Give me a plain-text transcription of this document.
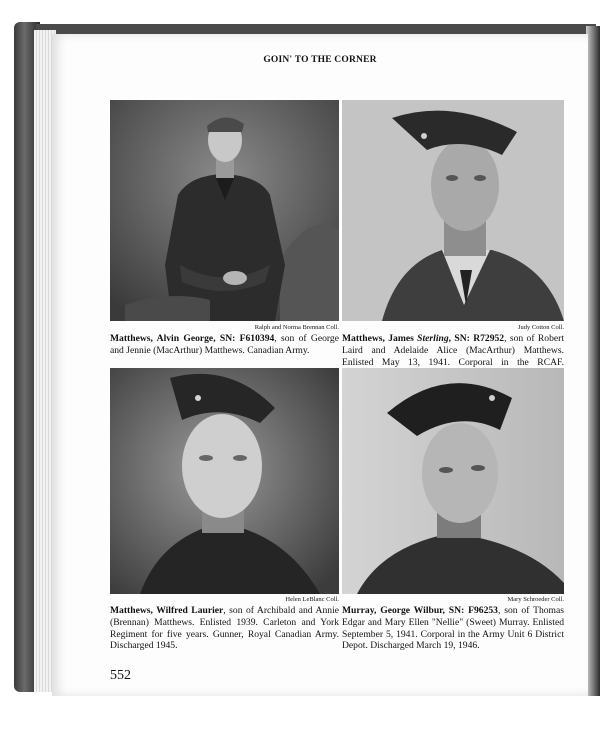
GOIN' TO THE CORNER
Ralph and Norma Brennan Coll.
Matthews, Alvin George, SN: F610394, son of George and Jennie (MacArthur) Matthews. Canadian Army.
Judy Cotton Coll.
Matthews, James Sterling, SN: R72952, son of Robert Laird and Adelaide Alice (MacArthur) Matthews. Enlisted May 13, 1941. Corporal in the RCAF.
Helen LeBlanc Coll.
Matthews, Wilfred Laurier, son of Archibald and Annie (Brennan) Matthews. Enlisted 1939. Carleton and York Regiment for five years. Gunner, Royal Canadian Army. Discharged 1945.
Mary Schroeder Coll.
Murray, George Wilbur, SN: F96253, son of Thomas Edgar and Mary Ellen "Nellie" (Sweet) Murray. Enlisted September 5, 1941. Corporal in the Army Unit 6 District Depot. Discharged March 19, 1946.
552
